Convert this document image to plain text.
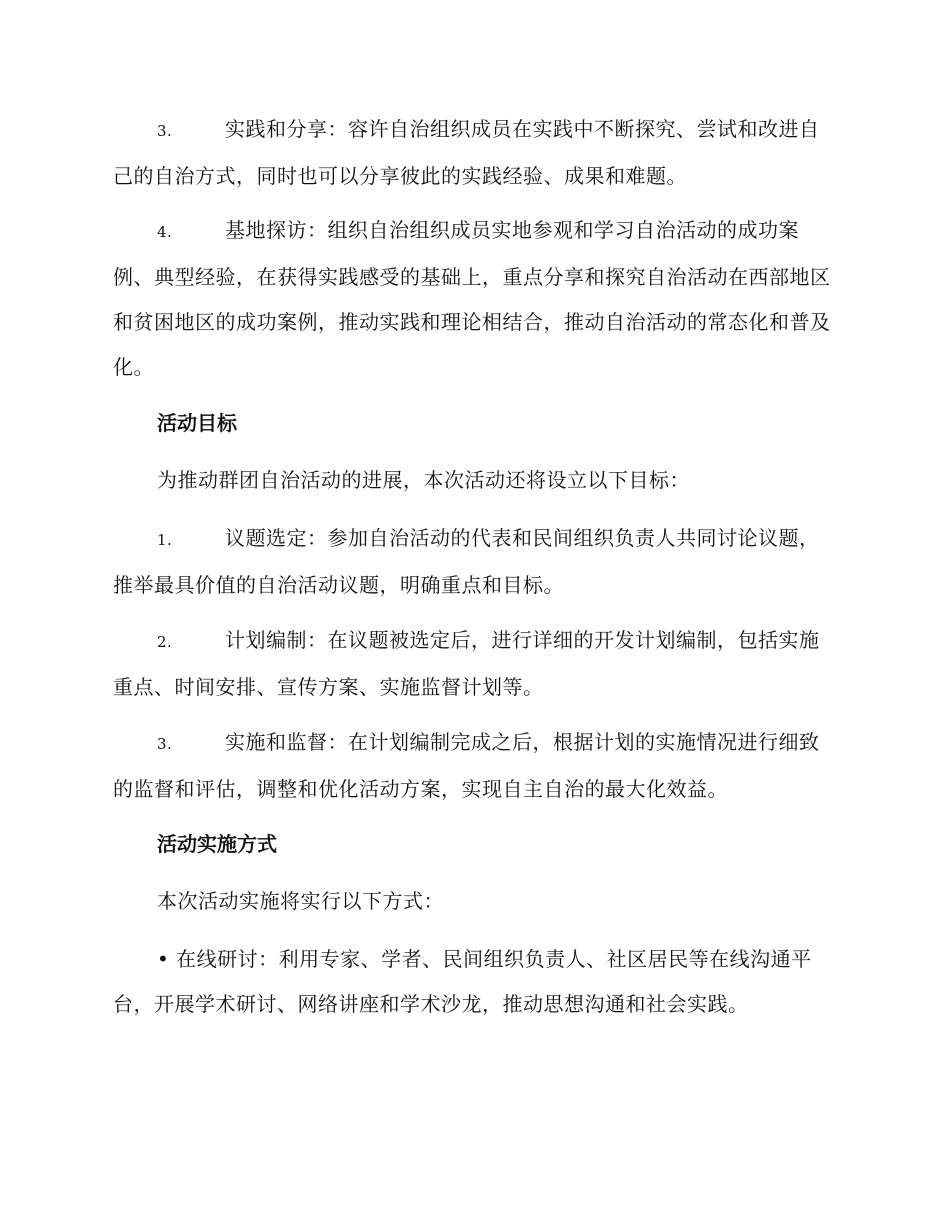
3.	实践和分享：容许自治组织成员在实践中不断探究、尝试和改进自己的自治方式，同时也可以分享彼此的实践经验、成果和难题。

4.	基地探访：组织自治组织成员实地参观和学习自治活动的成功案例、典型经验，在获得实践感受的基础上，重点分享和探究自治活动在西部地区和贫困地区的成功案例，推动实践和理论相结合，推动自治活动的常态化和普及化。

活动目标

为推动群团自治活动的进展，本次活动还将设立以下目标：

1.	议题选定：参加自治活动的代表和民间组织负责人共同讨论议题，推举最具价值的自治活动议题，明确重点和目标。

2.	计划编制：在议题被选定后，进行详细的开发计划编制，包括实施重点、时间安排、宣传方案、实施监督计划等。

3.	实施和监督：在计划编制完成之后，根据计划的实施情况进行细致的监督和评估，调整和优化活动方案，实现自主自治的最大化效益。

活动实施方式

本次活动实施将实行以下方式：

• 在线研讨：利用专家、学者、民间组织负责人、社区居民等在线沟通平台，开展学术研讨、网络讲座和学术沙龙，推动思想沟通和社会实践。
